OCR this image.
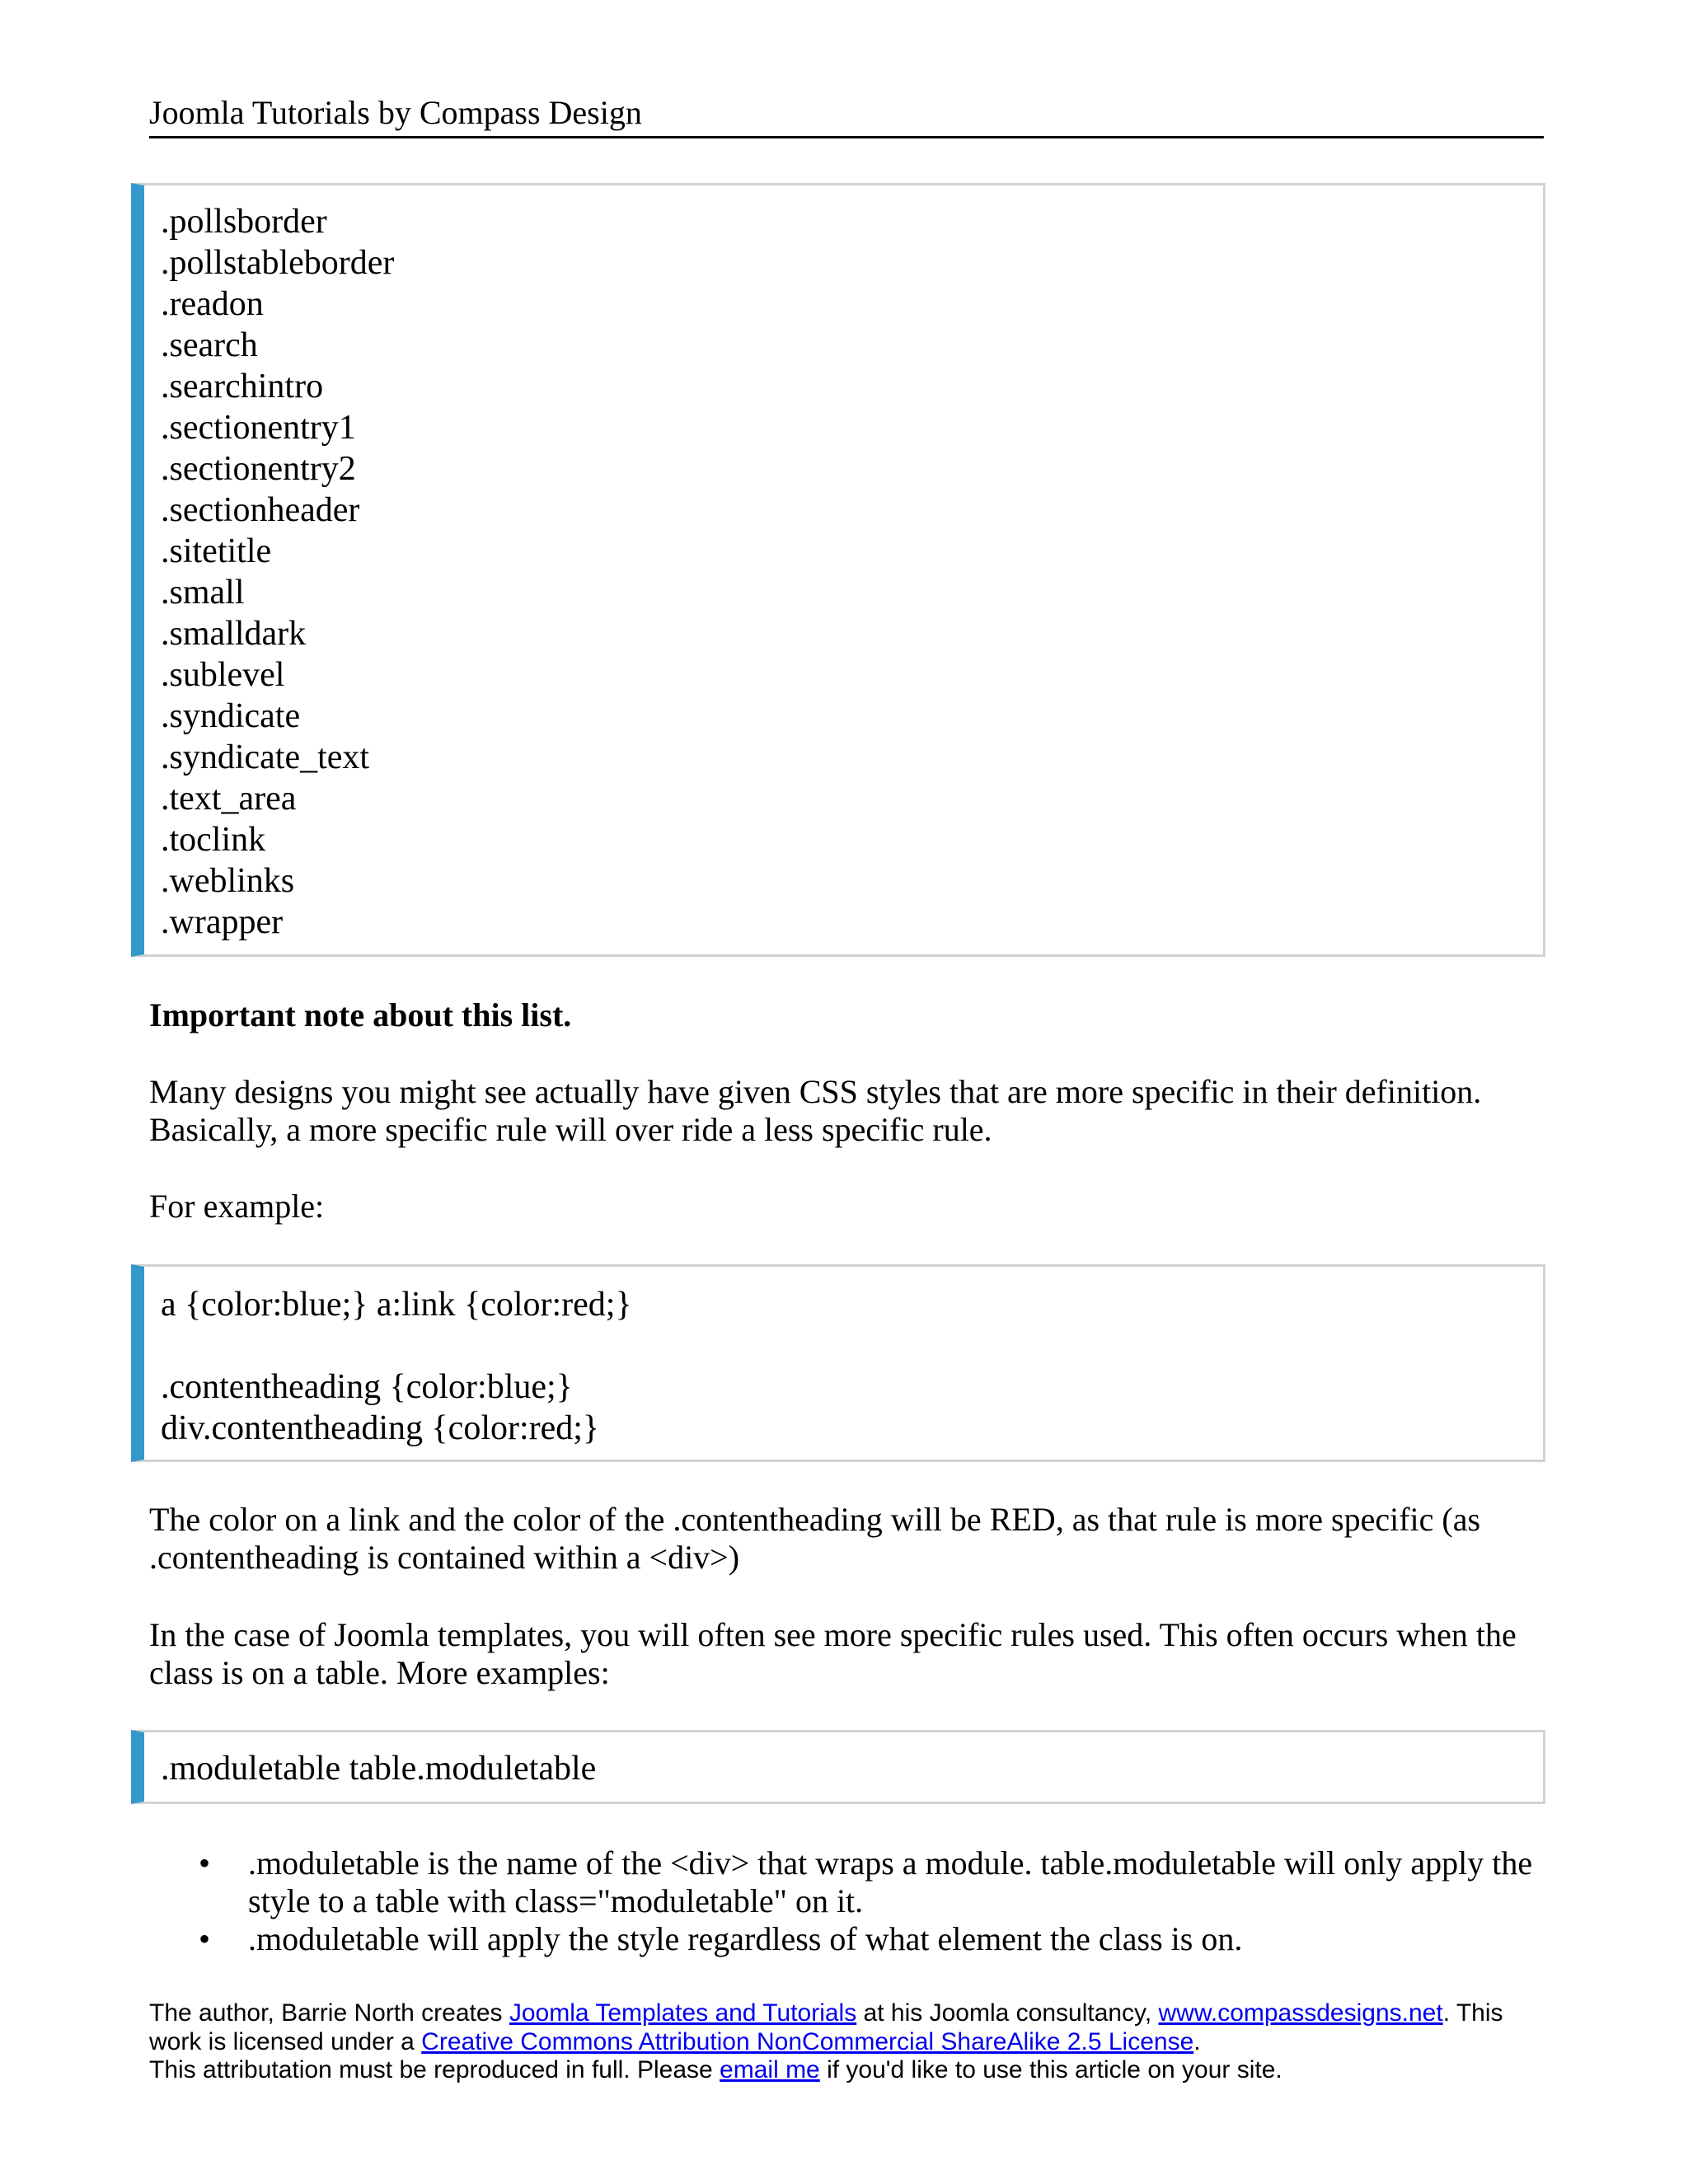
Joomla Tutorials by Compass Design
.pollsborder
.pollstableborder
.readon
.search
.searchintro
.sectionentry1
.sectionentry2
.sectionheader
.sitetitle
.small
.smalldark
.sublevel
.syndicate
.syndicate_text
.text_area
.toclink
.weblinks
.wrapper
Important note about this list.
Many designs you might see actually have given CSS styles that are more specific in their definition. Basically, a more specific rule will over ride a less specific rule.
For example:
a {color:blue;} a:link {color:red;}
.contentheading {color:blue;}
div.contentheading {color:red;}
The color on a link and the color of the .contentheading will be RED, as that rule is more specific (as .contentheading is contained within a <div>)
In the case of Joomla templates, you will often see more specific rules used. This often occurs when the class is on a table. More examples:
.moduletable table.moduletable
• .moduletable is the name of the <div> that wraps a module. table.moduletable will only apply the style to a table with class="moduletable" on it.
• .moduletable will apply the style regardless of what element the class is on.
The author, Barrie North creates Joomla Templates and Tutorials at his Joomla consultancy, www.compassdesigns.net. This work is licensed under a Creative Commons Attribution NonCommercial ShareAlike 2.5 License.
This attributation must be reproduced in full. Please email me if you'd like to use this article on your site.
